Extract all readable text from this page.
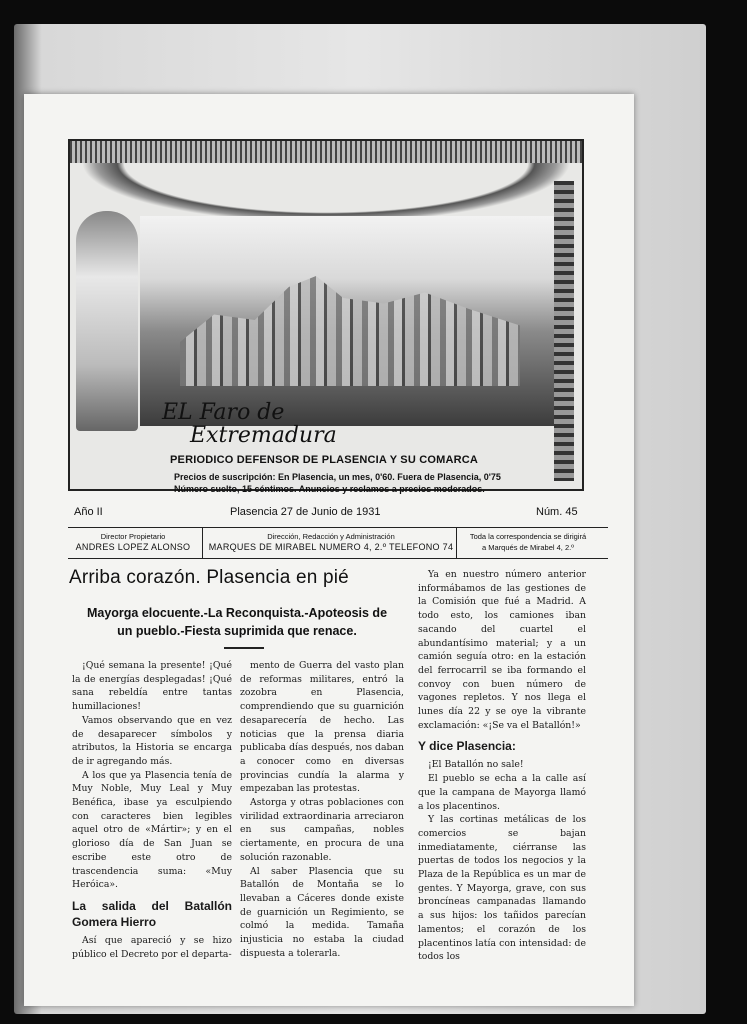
EL Faro de
Extremadura
PERIODICO DEFENSOR DE PLASENCIA Y SU COMARCA
Precios de suscripción: En Plasencia, un mes, 0'60. Fuera de Plasencia, 0'75
Número suelto, 15 céntimos. Anuncios y reclamos a precios moderados.
Año II	Plasencia 27 de Junio de 1931	Núm. 45
Director Propietario
ANDRES LOPEZ ALONSO
Dirección, Redacción y Administración
MARQUES DE MIRABEL NUMERO 4, 2.º TELEFONO 74
Toda la correspondencia se dirigirá
a Marqués de Mirabel 4, 2.º
Arriba corazón. Plasencia en pié
Mayorga elocuente.-La Reconquista.-Apoteosis de
un pueblo.-Fiesta suprimida que renace.

¡Qué semana la presente! ¡Qué la de energías desplegadas! ¡Qué sana rebeldía entre tantas humillaciones!

Vamos observando que en vez de desaparecer símbolos y atributos, la Historia se encarga de ir agregando más.

A los que ya Plasencia tenía de Muy Noble, Muy Leal y Muy Benéfica, ibase ya esculpiendo con caracteres bien legibles aquel otro de «Mártir»; y en el glorioso día de San Juan se escribe este otro de trascendencia suma: «Muy Heróica».

La salida del Batallón Gomera Hierro

Así que apareció y se hizo público el Decreto por el departa-

mento de Guerra del vasto plan de reformas militares, entró la zozobra en Plasencia, comprendiendo que su guarnición desaparecería de hecho. Las noticias que la prensa diaria publicaba días después, nos daban a conocer como en diversas provincias cundía la alarma y empezaban las protestas.

Astorga y otras poblaciones con virilidad extraordinaria arreciaron en sus campañas, nobles ciertamente, en procura de una solución razonable.

Al saber Plasencia que su Batallón de Montaña se lo llevaban a Cáceres donde existe de guarnición un Regimiento, se colmó la medida. Tamaña injusticia no estaba la ciudad dispuesta a tolerarla.

Ya en nuestro número anterior informábamos de las gestiones de la Comisión que fué a Madrid. A todo esto, los camiones iban sacando del cuartel el abundantísimo material; y a un camión seguía otro: en la estación del ferrocarril se iba formando el convoy con buen número de vagones repletos. Y nos llega el lunes día 22 y se oye la vibrante exclamación: «¡Se va el Batallón!»

Y dice Plasencia:

¡El Batallón no sale!

El pueblo se echa a la calle así que la campana de Mayorga llamó a los placentinos.

Y las cortinas metálicas de los comercios se bajan inmediatamente, ciérranse las puertas de todos los negocios y la Plaza de la República es un mar de gentes. Y Mayorga, grave, con sus broncíneas campanadas llamando a sus hijos: los tañidos parecían lamentos; el corazón de los placentinos latía con intensidad: de todos los
